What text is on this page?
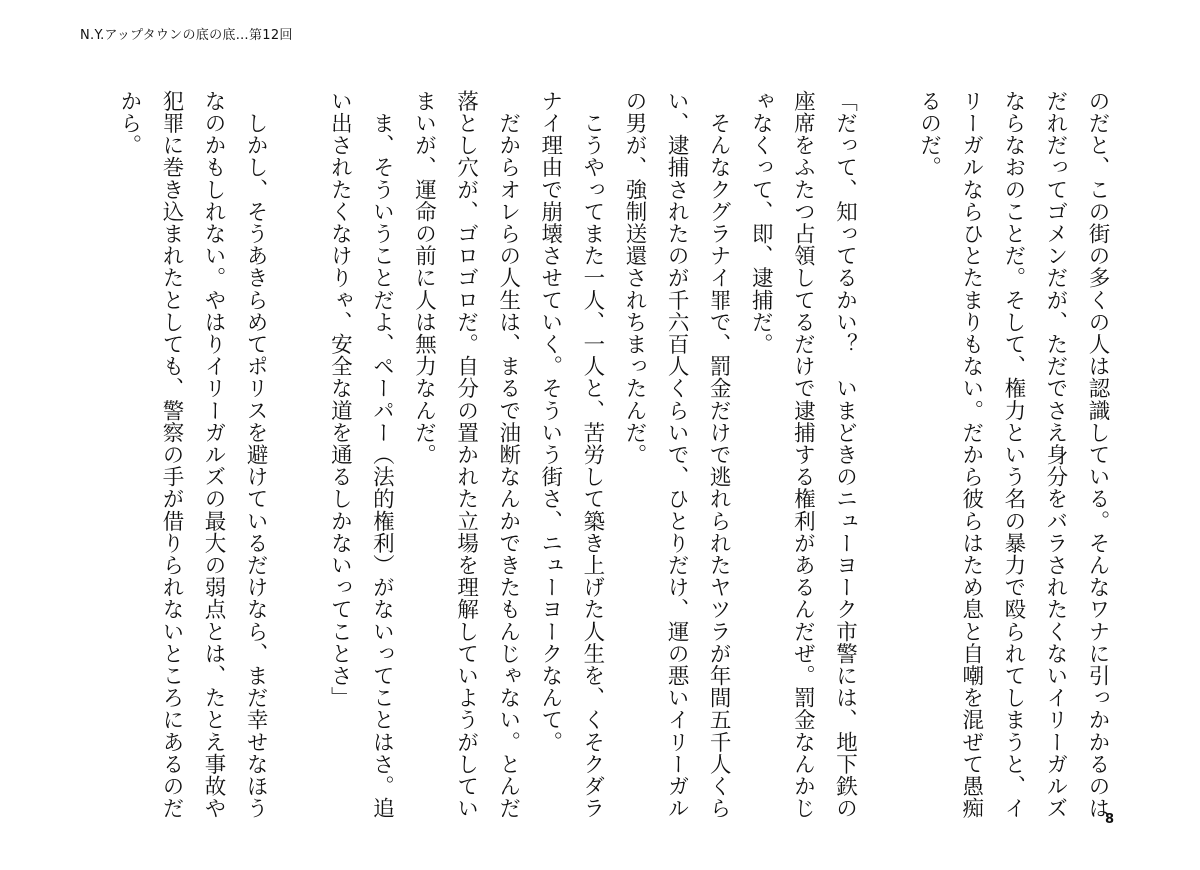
N.Y.アップタウンの底の底…第12回

のだと、この街の多くの人は認識している。そんなワナに引っかかるのはだれだってゴメンだが、ただでさえ身分をバラされたくないイリーガルズならなおのことだ。そして、権力という名の暴力で殴られてしまうと、イリーガルならひとたまりもない。だから彼らはため息と自嘲を混ぜて愚痴るのだ。

「だって、知ってるかい？　いまどきのニューヨーク市警には、地下鉄の座席をふたつ占領してるだけで逮捕する権利があるんだぜ。罰金なんかじゃなくって、即、逮捕だ。

　そんなクグラナイ罪で、罰金だけで逃れられたヤツラが年間五千人くらい、逮捕されたのが千六百人くらいで、ひとりだけ、運の悪いイリーガルの男が、強制送還されちまったんだ。

　こうやってまた一人、一人と、苦労して築き上げた人生を、くそクダラナイ理由で崩壊させていく。そういう街さ、ニューヨークなんて。

　だからオレらの人生は、まるで油断なんかできたもんじゃない。とんだ落とし穴が、ゴロゴロだ。自分の置かれた立場を理解していようがしていまいが、運命の前に人は無力なんだ。

　ま、そういうことだよ、ペーパー（法的権利）がないってことはさ。追い出されたくなけりゃ、安全な道を通るしかないってことさ」

　しかし、そうあきらめてポリスを避けているだけなら、まだ幸せなほうなのかもしれない。やはりイリーガルズの最大の弱点とは、たとえ事故や犯罪に巻き込まれたとしても、警察の手が借りられないところにあるのだから。

8
